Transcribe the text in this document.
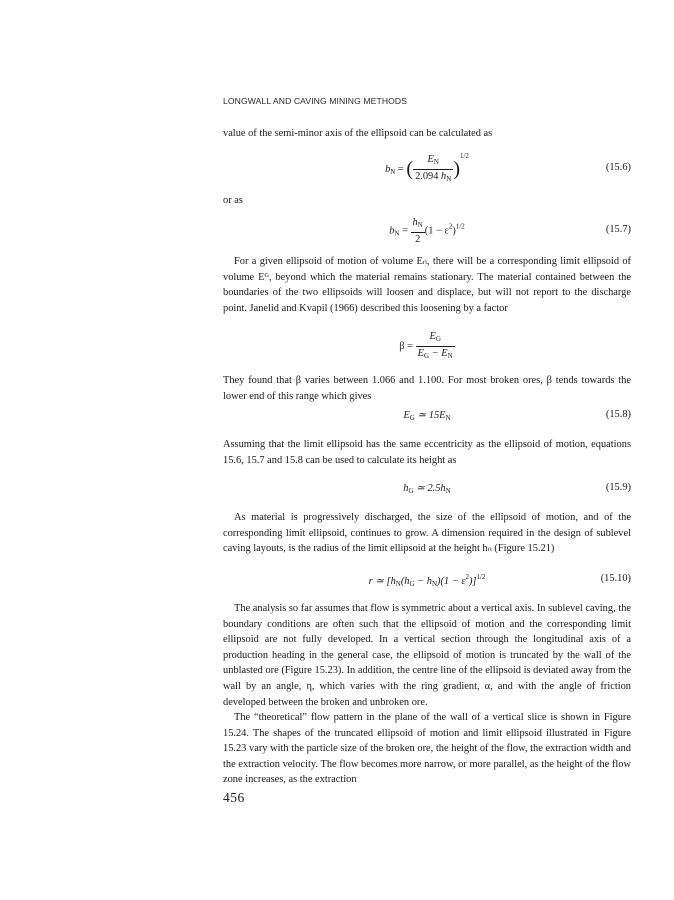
LONGWALL AND CAVING MINING METHODS

value of the semi-minor axis of the ellipsoid can be calculated as

$b_N$ = ( $\frac{E_N}{2.094 h_N} )^{1/2}$
(15.6)

or as

$b_N = \frac{h_N}{2} (1 - \varepsilon^2)^{1/2}$	(15.7)

For a given ellipsoid of motion of volume Eₙ, there will be a corresponding limit ellipsoid of volume Eᴳ, beyond which the material remains stationary. The material contained between the boundaries of the two ellipsoids will loosen and displace, but will not report to the discharge point. Janelid and Kvapil (1966) described this loosening by a factor

$\beta = \frac{E_G}{E_G - E_N}$

They found that β varies between 1.066 and 1.100. For most broken ores, β tends towards the lower end of this range which gives

$E_G$ ≃ $15E_N$	(15.8)

Assuming that the limit ellipsoid has the same eccentricity as the ellipsoid of motion, equations 15.6, 15.7 and 15.8 can be used to calculate its height as

$h_G$ ≃ $2.5h_N$	(15.9)

As material is progressively discharged, the size of the ellipsoid of motion, and of the corresponding limit ellipsoid, continues to grow. A dimension required in the design of sublevel caving layouts, is the radius of the limit ellipsoid at the height hₙ (Figure 15.21)

r ≃ $[h_N(h_G - h_N)(1 - \varepsilon^2)]^{1/2}$	(15.10)

The analysis so far assumes that flow is symmetric about a vertical axis. In sublevel caving, the boundary conditions are often such that the ellipsoid of motion and the corresponding limit ellipsoid are not fully developed. In a vertical section through the longitudinal axis of a production heading in the general case, the ellipsoid of motion is truncated by the wall of the unblasted ore (Figure 15.23). In addition, the centre line of the ellipsoid is deviated away from the wall by an angle, η, which varies with the ring gradient, α, and with the angle of friction developed between the broken and unbroken ore.

The “theoretical” flow pattern in the plane of the wall of a vertical slice is shown in Figure 15.24. The shapes of the truncated ellipsoid of motion and limit ellipsoid illustrated in Figure 15.23 vary with the particle size of the broken ore, the height of the flow, the extraction width and the extraction velocity. The flow becomes more narrow, or more parallel, as the height of the flow zone increases, as the extraction

456
